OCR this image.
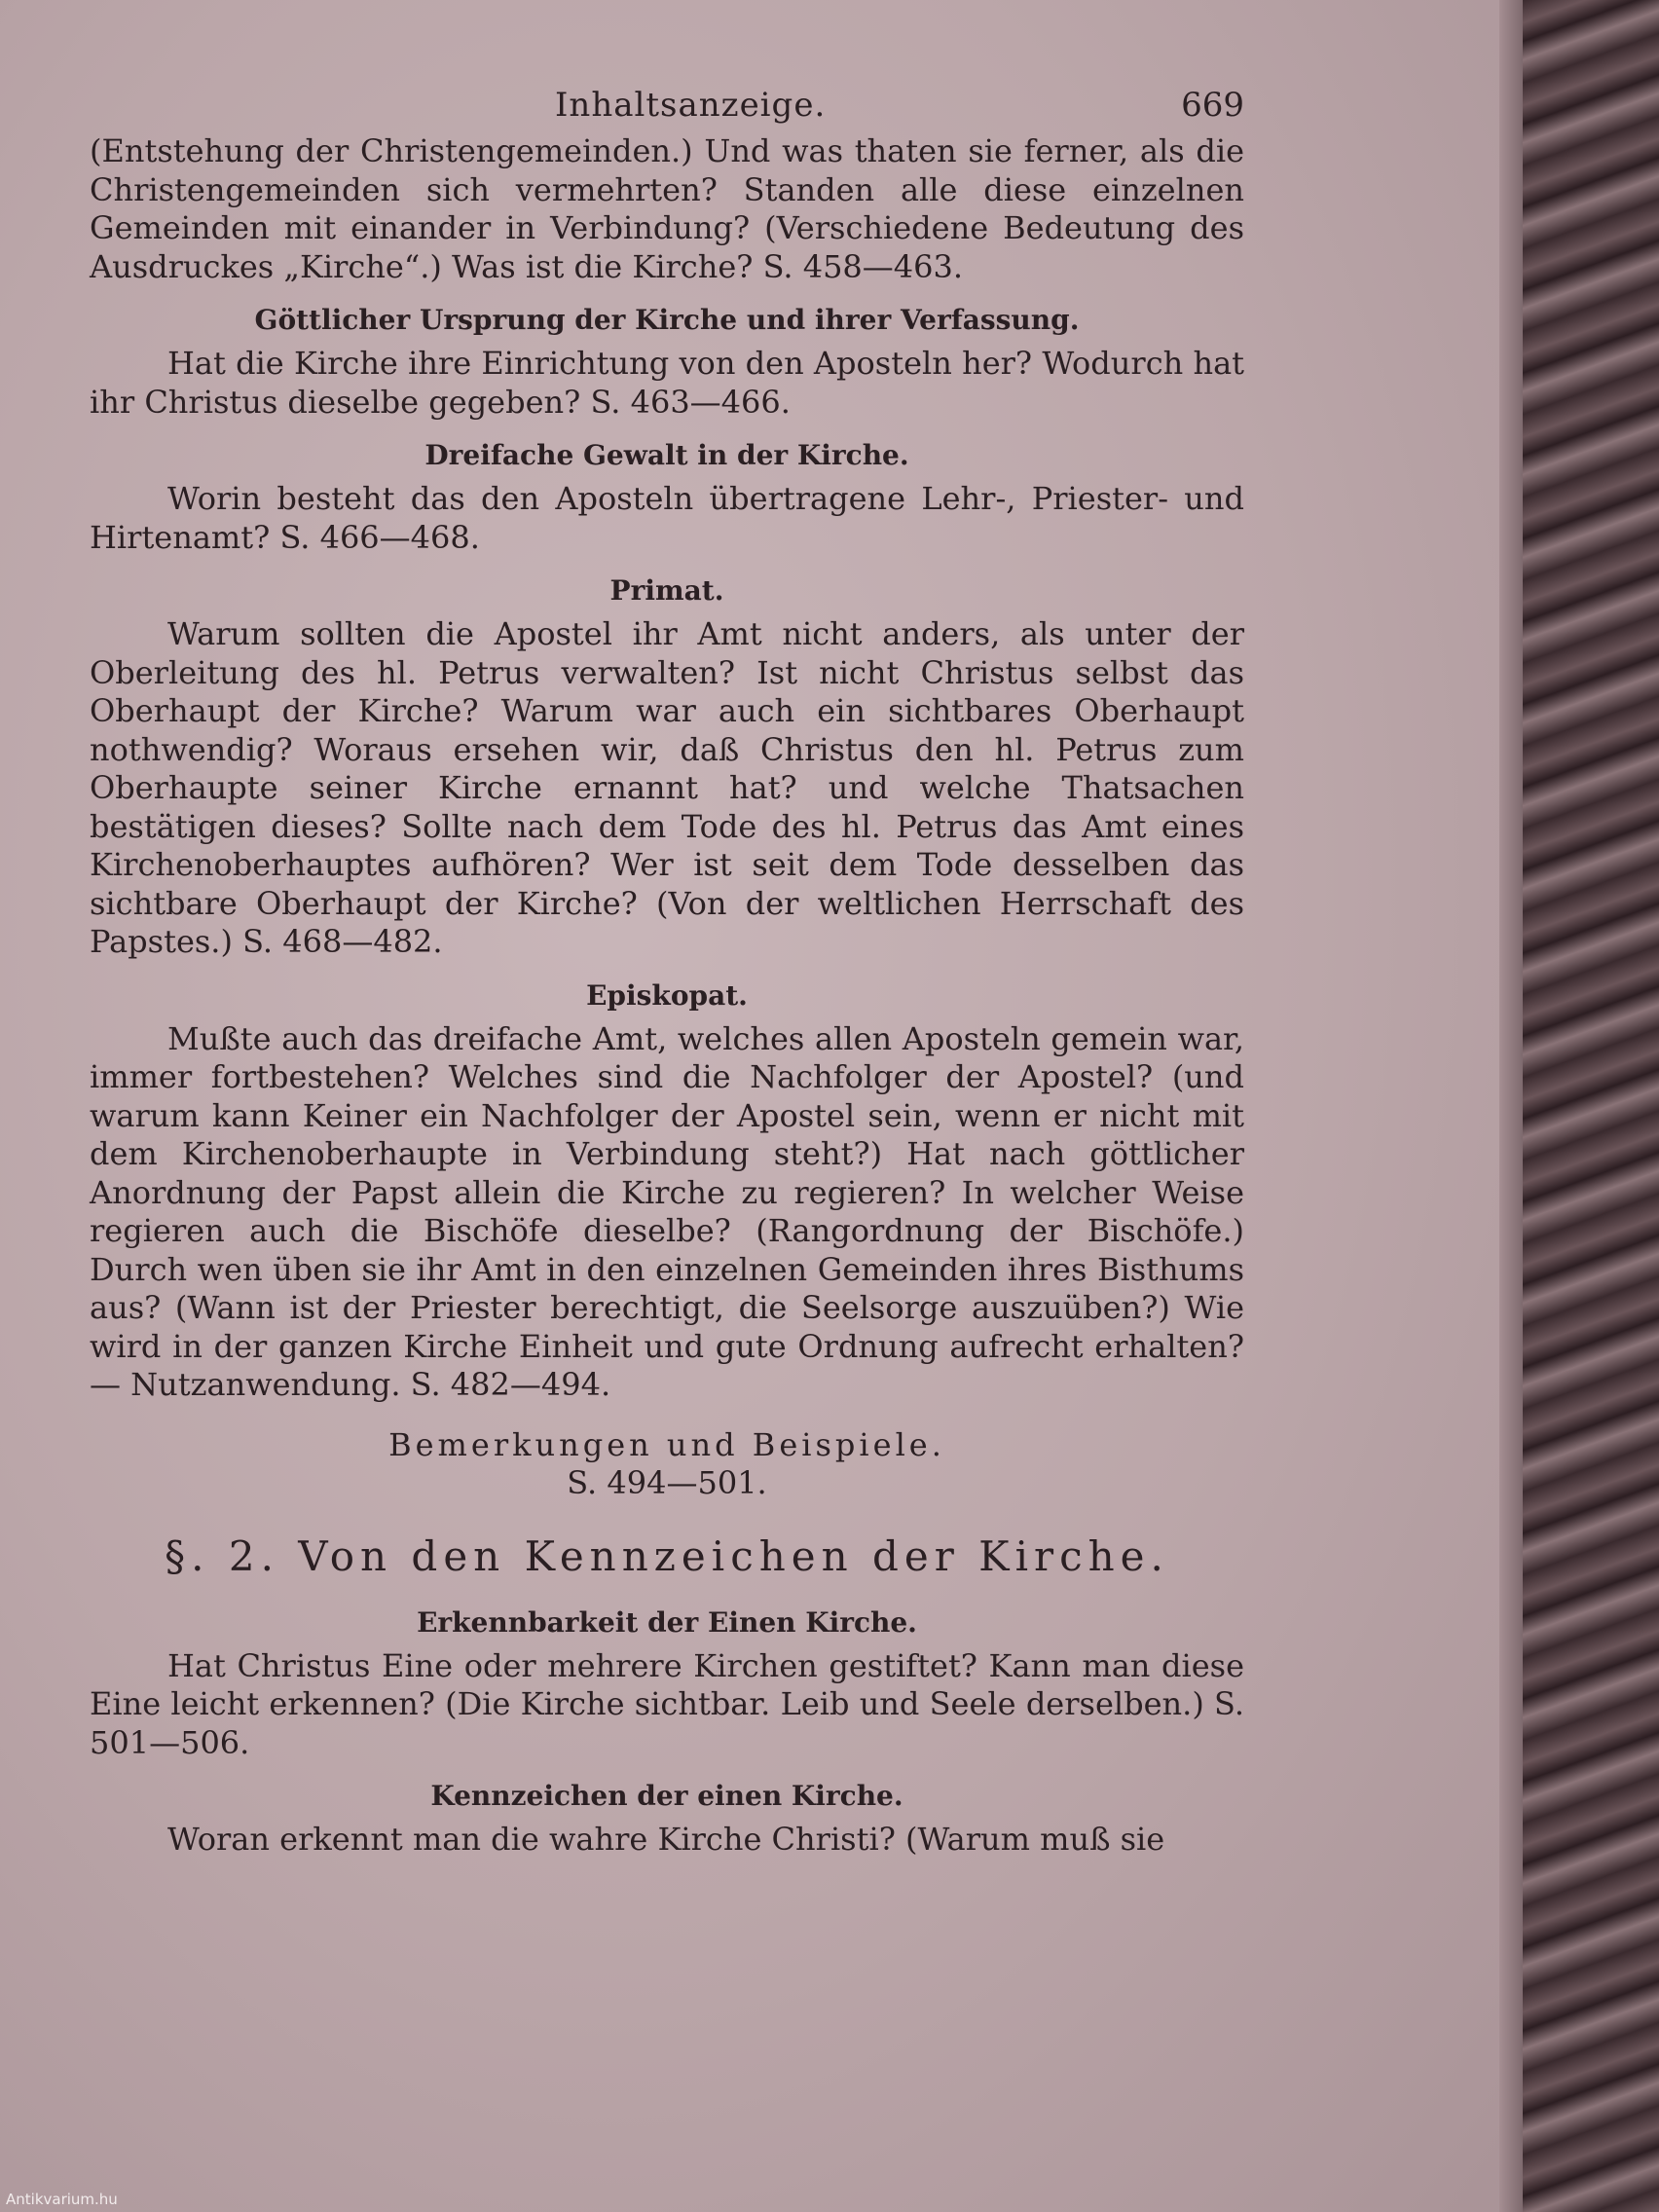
Inhaltsanzeige.	669

(Entstehung der Christengemeinden.) Und was thaten sie ferner, als die Christengemeinden sich vermehrten? Standen alle diese einzelnen Gemeinden mit einander in Verbindung? (Verschiedene Bedeutung des Ausdruckes „Kirche“.) Was ist die Kirche? S. 458—463.

Göttlicher Ursprung der Kirche und ihrer Verfassung.

Hat die Kirche ihre Einrichtung von den Aposteln her? Wodurch hat ihr Christus dieselbe gegeben? S. 463—466.

Dreifache Gewalt in der Kirche.

Worin besteht das den Aposteln übertragene Lehr-, Priester- und Hirtenamt? S. 466—468.

Primat.

Warum sollten die Apostel ihr Amt nicht anders, als unter der Oberleitung des hl. Petrus verwalten? Ist nicht Christus selbst das Oberhaupt der Kirche? Warum war auch ein sichtbares Oberhaupt nothwendig? Woraus ersehen wir, daß Christus den hl. Petrus zum Oberhaupte seiner Kirche ernannt hat? und welche Thatsachen bestätigen dieses? Sollte nach dem Tode des hl. Petrus das Amt eines Kirchenoberhauptes aufhören? Wer ist seit dem Tode desselben das sichtbare Oberhaupt der Kirche? (Von der weltlichen Herrschaft des Papstes.) S. 468—482.

Episkopat.

Mußte auch das dreifache Amt, welches allen Aposteln gemein war, immer fortbestehen? Welches sind die Nachfolger der Apostel? (und warum kann Keiner ein Nachfolger der Apostel sein, wenn er nicht mit dem Kirchenoberhaupte in Verbindung steht?) Hat nach göttlicher Anordnung der Papst allein die Kirche zu regieren? In welcher Weise regieren auch die Bischöfe dieselbe? (Rangordnung der Bischöfe.) Durch wen üben sie ihr Amt in den einzelnen Gemeinden ihres Bisthums aus? (Wann ist der Priester berechtigt, die Seelsorge auszuüben?) Wie wird in der ganzen Kirche Einheit und gute Ordnung aufrecht erhalten? — Nutzanwendung. S. 482—494.

Bemerkungen und Beispiele.
S. 494—501.
§. 2. Von den Kennzeichen der Kirche.
Erkennbarkeit der Einen Kirche.

Hat Christus Eine oder mehrere Kirchen gestiftet? Kann man diese Eine leicht erkennen? (Die Kirche sichtbar. Leib und Seele derselben.) S. 501—506.

Kennzeichen der einen Kirche.

Woran erkennt man die wahre Kirche Christi? (Warum muß sie

Antikvarium.hu
